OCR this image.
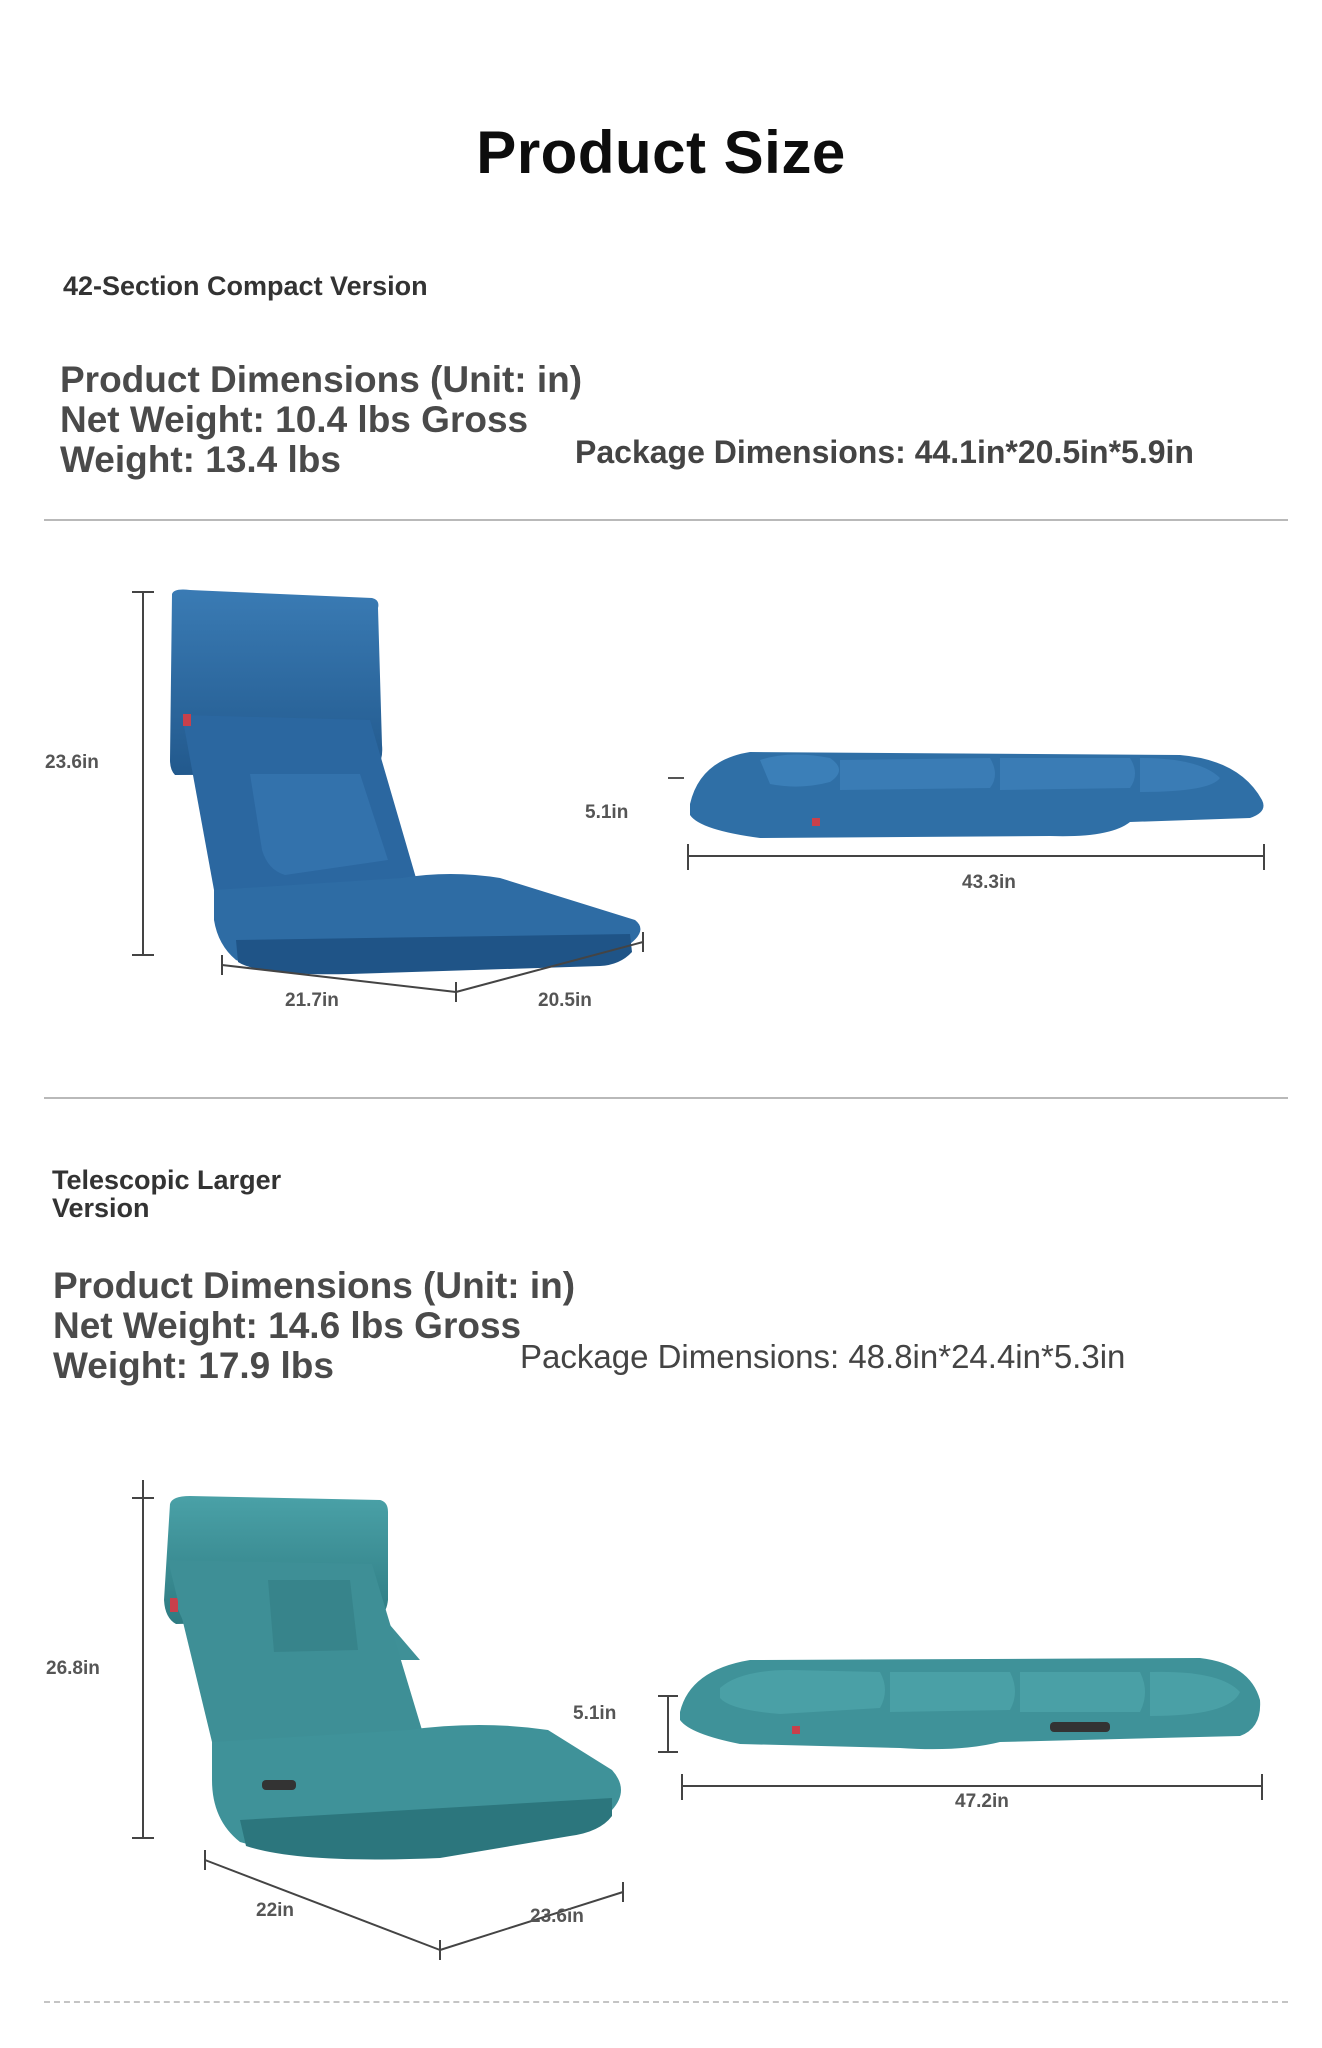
Product Size
42-Section Compact Version
Product Dimensions (Unit: in)
Net Weight: 10.4 lbs Gross
Weight: 13.4 lbs	Package Dimensions: 44.1in*20.5in*5.9in
23.6in
5.1in
43.3in
21.7in	20.5in
Telescopic Larger
Version
Product Dimensions (Unit: in)
Net Weight: 14.6 lbs Gross
Weight: 17.9 lbs	Package Dimensions: 48.8in*24.4in*5.3in
26.8in
5.1in
47.2in
22in	23.6in
